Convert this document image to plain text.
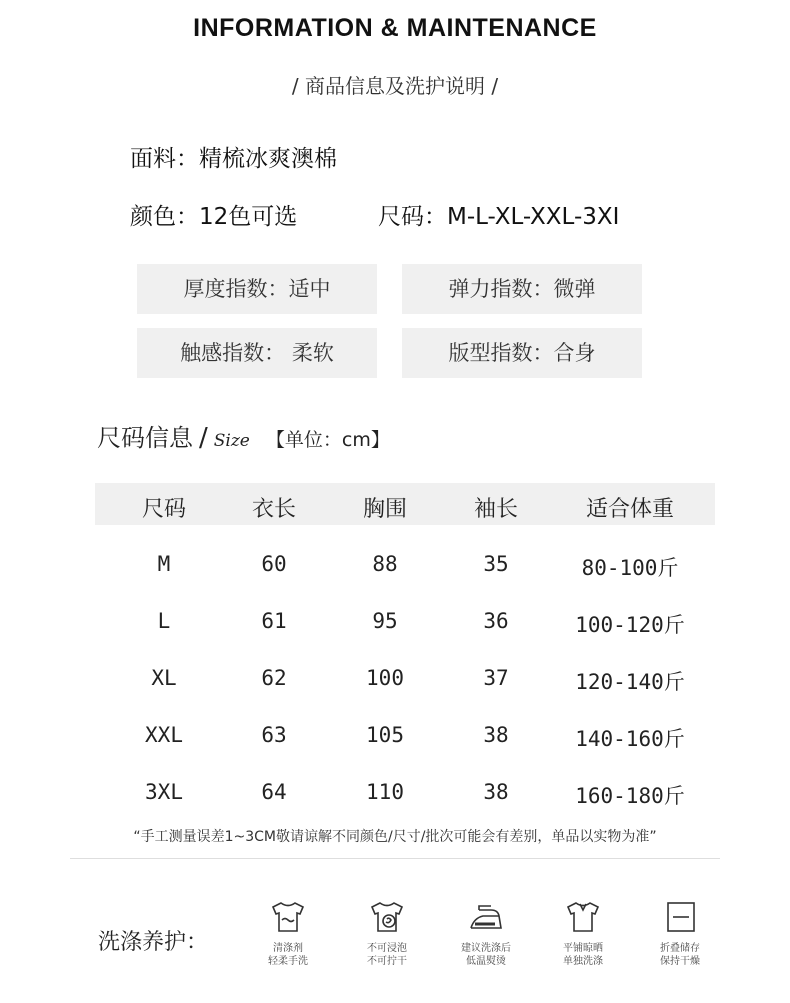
INFORMATION & MAINTENANCE
/ 商品信息及洗护说明 /
面料：精梳冰爽澳棉
颜色：12色可选	尺码：M-L-XL-XXL-3XI
厚度指数：适中	弹力指数：微弹
触感指数： 柔软	版型指数：合身
尺码信息 / Size 【单位：cm】
尺码	衣长	胸围	袖长	适合体重
M	60	88	35	80-100斤
L	61	95	36	100-120斤
XL	62	100	37	120-140斤
XXL	63	105	38	140-160斤
3XL	64	110	38	160-180斤
“手工测量误差1~3CM敬请谅解不同颜色/尺寸/批次可能会有差别，单品以实物为准”
洗涤养护：	清涤剂
轻柔手洗
不可浸泡
不可拧干
建议洗涤后
低温熨烫
平铺晾晒
单独洗涤
折叠储存
保持干燥
